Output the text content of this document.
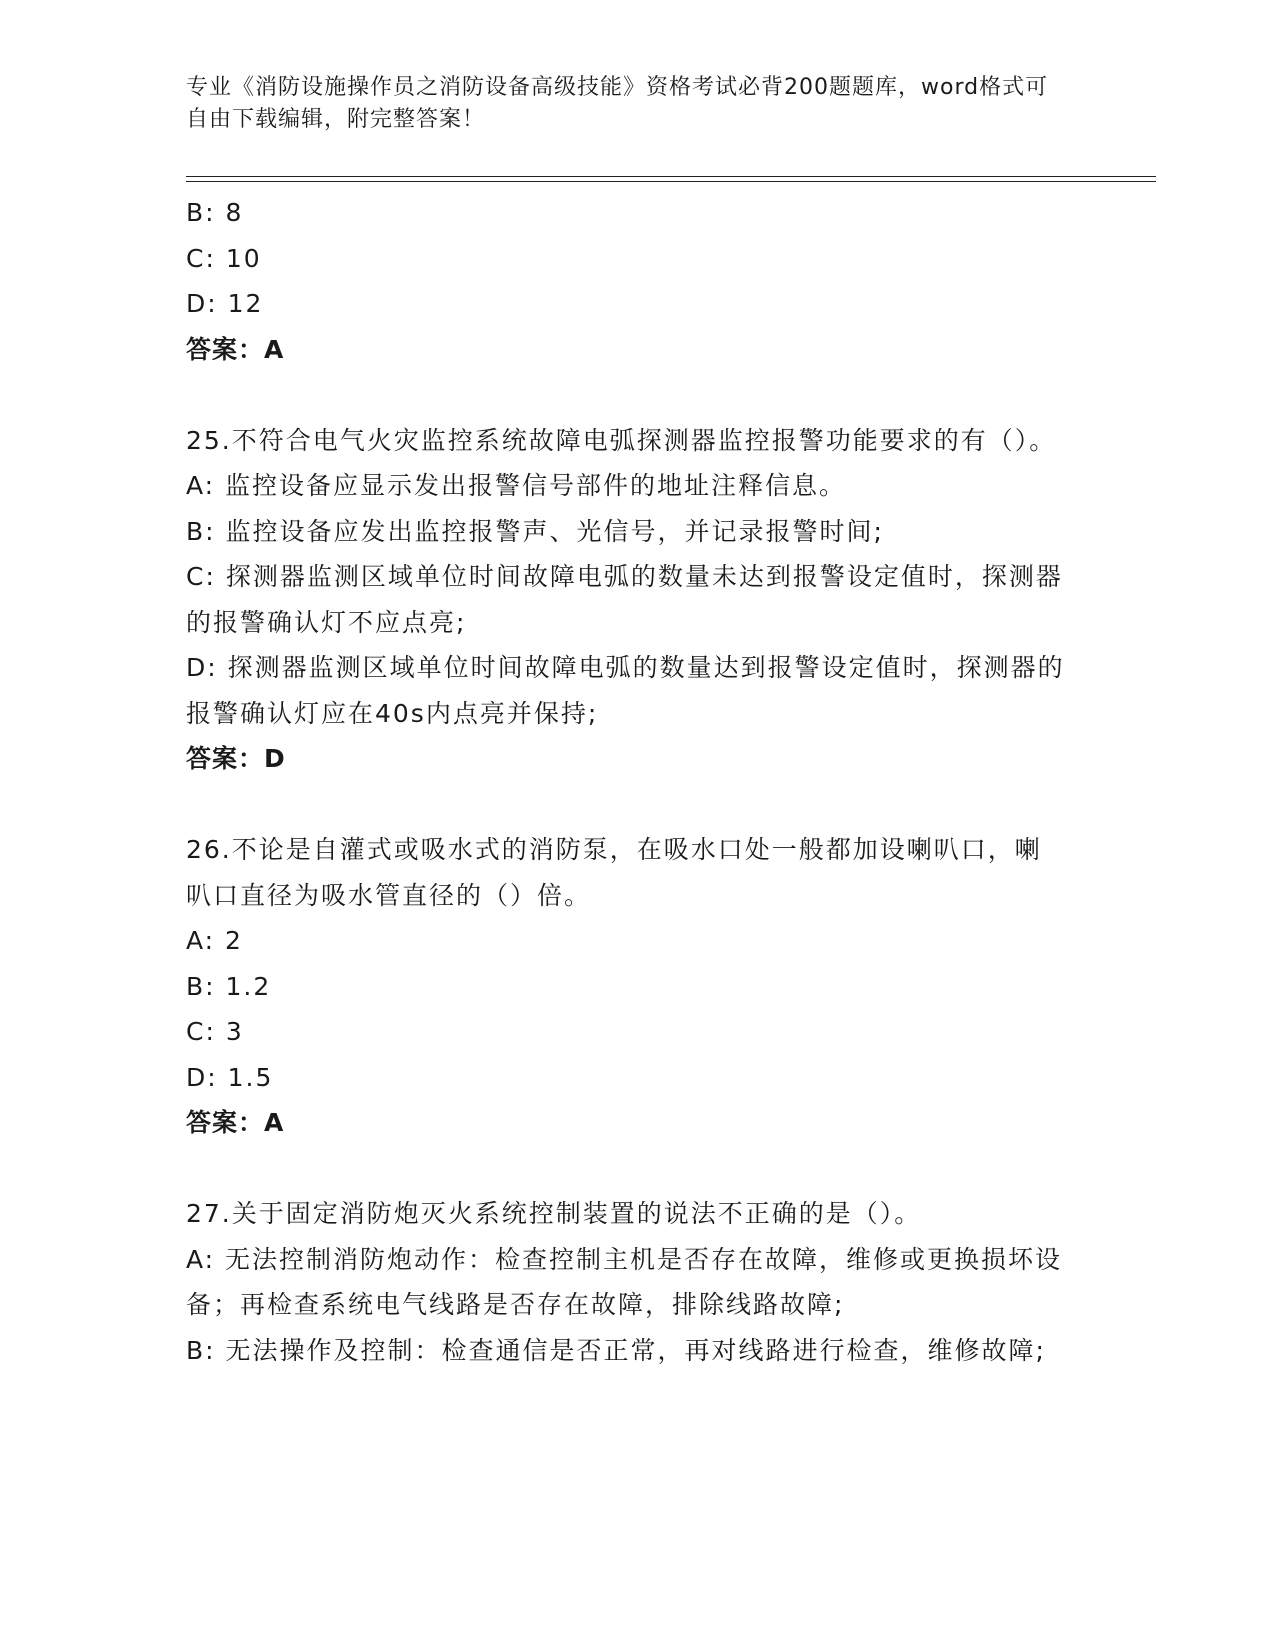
专业《消防设施操作员之消防设备高级技能》资格考试必背200题题库，word格式可自由下载编辑，附完整答案！
B: 8
C: 10
D: 12
答案：A
25.不符合电气火灾监控系统故障电弧探测器监控报警功能要求的有（）。
A: 监控设备应显示发出报警信号部件的地址注释信息。
B: 监控设备应发出监控报警声、光信号，并记录报警时间;
C: 探测器监测区域单位时间故障电弧的数量未达到报警设定值时，探测器的报警确认灯不应点亮;
D: 探测器监测区域单位时间故障电弧的数量达到报警设定值时，探测器的报警确认灯应在40s内点亮并保持;
答案：D
26.不论是自灌式或吸水式的消防泵，在吸水口处一般都加设喇叭口，喇叭口直径为吸水管直径的（）倍。
A: 2
B: 1.2
C: 3
D: 1.5
答案：A
27.关于固定消防炮灭火系统控制装置的说法不正确的是（）。
A: 无法控制消防炮动作：检查控制主机是否存在故障，维修或更换损坏设备；再检查系统电气线路是否存在故障，排除线路故障;
B: 无法操作及控制：检查通信是否正常，再对线路进行检查，维修故障;
